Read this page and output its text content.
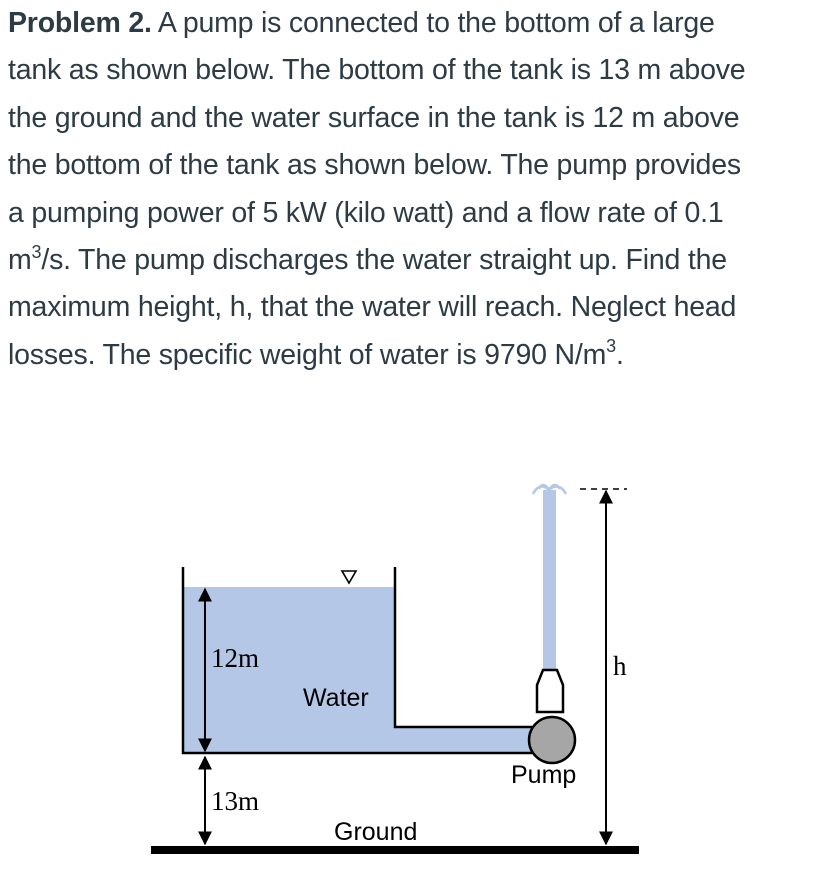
Problem 2. A pump is connected to the bottom of a large
tank as shown below. The bottom of the tank is 13 m above
the ground and the water surface in the tank is 12 m above
the bottom of the tank as shown below. The pump provides
a pumping power of 5 kW (kilo watt) and a flow rate of 0.1
$m^3/s$. The pump discharges the water straight up. Find the
maximum height, h, that the water will reach. Neglect head
losses. The specific weight of water is 9790 $N/m^3$.
12m
13m
Water
Pump
h
Ground
